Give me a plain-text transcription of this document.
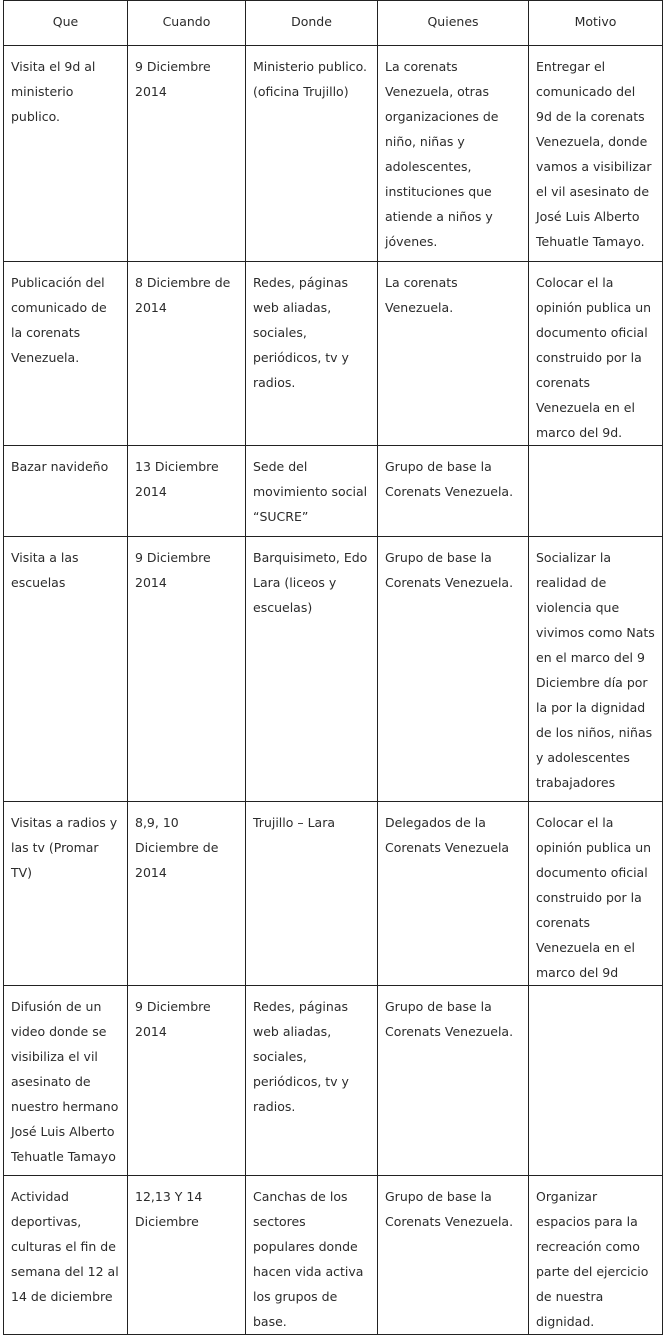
Que	Cuando	Donde	Quienes	Motivo
Visita el 9d al ministerio publico.	9 Diciembre 2014	Ministerio publico. (oficina Trujillo)	La corenats Venezuela, otras organizaciones de niño, niñas y adolescentes, instituciones que atiende a niños y jóvenes.	Entregar el comunicado del 9d de la corenats Venezuela, donde vamos a visibilizar el vil asesinato de José Luis Alberto Tehuatle Tamayo.
Publicación del comunicado de la corenats Venezuela.	8 Diciembre de 2014	Redes, páginas web aliadas, sociales, periódicos, tv y radios.	La corenats Venezuela.	Colocar el la opinión publica un documento oficial construido por la corenats Venezuela en el marco del 9d.
Bazar navideño	13 Diciembre 2014	Sede del movimiento social “SUCRE”	Grupo de base la Corenats Venezuela.	
Visita a las escuelas	9 Diciembre 2014	Barquisimeto, Edo Lara (liceos y escuelas)	Grupo de base la Corenats Venezuela.	Socializar la realidad de violencia que vivimos como Nats en el marco del 9 Diciembre día por la por la dignidad de los niños, niñas y adolescentes trabajadores
Visitas a radios y las tv (Promar TV)	8,9, 10 Diciembre de 2014	Trujillo – Lara	Delegados de la Corenats Venezuela	Colocar el la opinión publica un documento oficial construido por la corenats Venezuela en el marco del 9d
Difusión de un video donde se visibiliza el vil asesinato de nuestro hermano José Luis Alberto Tehuatle Tamayo	9 Diciembre 2014	Redes, páginas web aliadas, sociales, periódicos, tv y radios.	Grupo de base la Corenats Venezuela.	
Actividad deportivas, culturas el fin de semana del 12 al 14 de diciembre	12,13 Y 14 Diciembre	Canchas de los sectores populares donde hacen vida activa los grupos de base.	Grupo de base la Corenats Venezuela.	Organizar espacios para la recreación como parte del ejercicio de nuestra dignidad.
